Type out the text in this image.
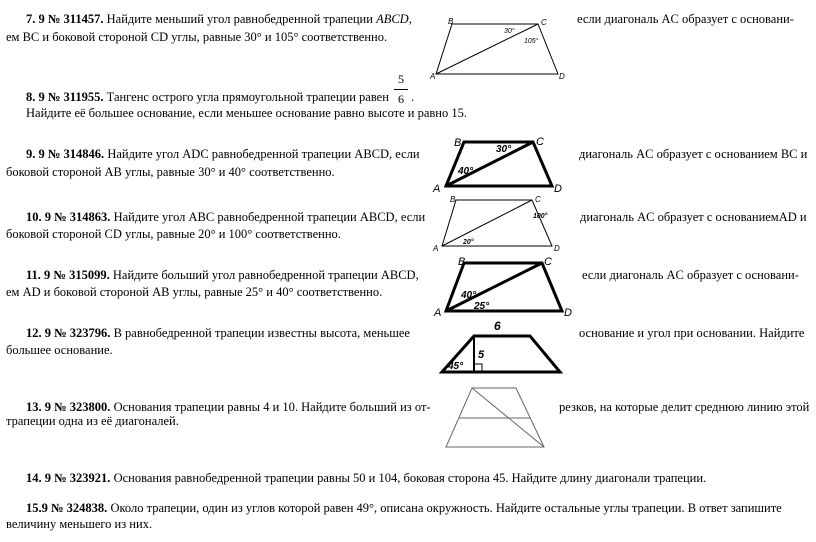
7. 9 № 311457. Найдите меньший угол равнобедренной трапеции ABCD,	если диагональ AC образует с основани-
ем BC и боковой стороной CD углы, равные 30° и 105° соответственно.
B	C
A	D
30°
105°
8. 9 № 311955. Тангенс острого угла прямоугольной трапеции равен
5
6 .
Найдите её большее основание, если меньшее основание равно высоте и равно 15.
9. 9 № 314846. Найдите угол ADC равнобедренной трапеции ABCD, если	диагональ AC образует с основанием BC и
боковой стороной AB углы, равные 30° и 40° соответственно.
B	C
A	D
30°
40°
10. 9 № 314863. Найдите угол ABC равнобедренной трапеции ABCD, если	диагональ AC образует с основаниемAD и
боковой стороной CD углы, равные 20° и 100° соответственно.
B	C
A	D
100°
20°
11. 9 № 315099. Найдите больший угол равнобедренной трапеции ABCD,	если диагональ AC образует с основани-
ем AD и боковой стороной AB углы, равные 25° и 40° соответственно.
B	C
A	D
40°
25°
12. 9 № 323796. В равнобедренной трапеции известны высота, меньшее	основание и угол при основании. Найдите
большее основание.
6
5
45°
13. 9 № 323800. Основания трапеции равны 4 и 10. Найдите больший из от-	резков, на которые делит среднюю линию этой
трапеции одна из её диагоналей.
14. 9 № 323921. Основания равнобедренной трапеции равны 50 и 104, боковая сторона 45. Найдите длину диагонали трапеции.
15.9 № 324838. Около трапеции, один из углов которой равен 49°, описана окружность. Найдите остальные углы трапеции. В ответ запишите
величину меньшего из них.
